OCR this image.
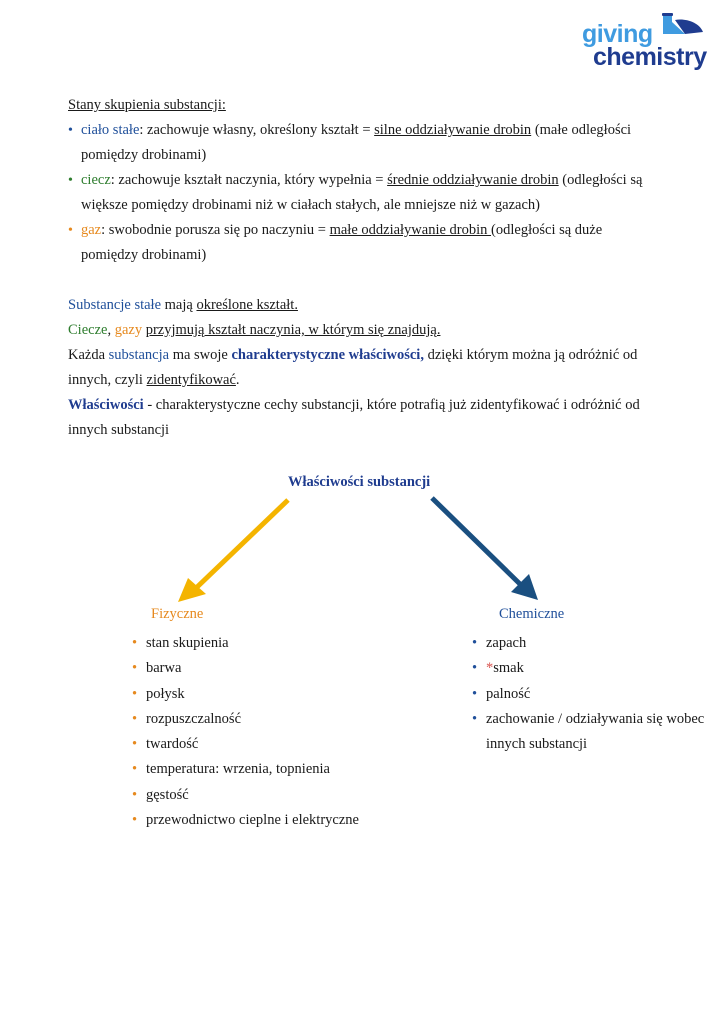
giving
chemistry
Stany skupienia substancji:
• ciało stałe: zachowuje własny, określony kształt = silne oddziaływanie drobin (małe odległości
pomiędzy drobinami)
• ciecz: zachowuje kształt naczynia, który wypełnia = średnie oddziaływanie drobin (odległości są
większe pomiędzy drobinami niż w ciałach stałych, ale mniejsze niż w gazach)
• gaz: swobodnie porusza się po naczyniu = małe oddziaływanie drobin (odległości są duże
pomiędzy drobinami)
Substancje stałe mają określone kształt.
Ciecze, gazy przyjmują kształt naczynia, w którym się znajdują.
Każda substancja ma swoje charakterystyczne właściwości, dzięki którym można ją odróżnić od
innych, czyli zidentyfikować.
Właściwości - charakterystyczne cechy substancji, które potrafią już zidentyfikować i odróżnić od
innych substancji
Właściwości substancji
Fizyczne	Chemiczne
• stan skupienia
• barwa
• połysk
• rozpuszczalność
• twardość
• temperatura: wrzenia, topnienia
• gęstość
• przewodnictwo cieplne i elektryczne
• zapach
• *smak
• palność
• zachowanie / odziaływania się wobec
innych substancji
